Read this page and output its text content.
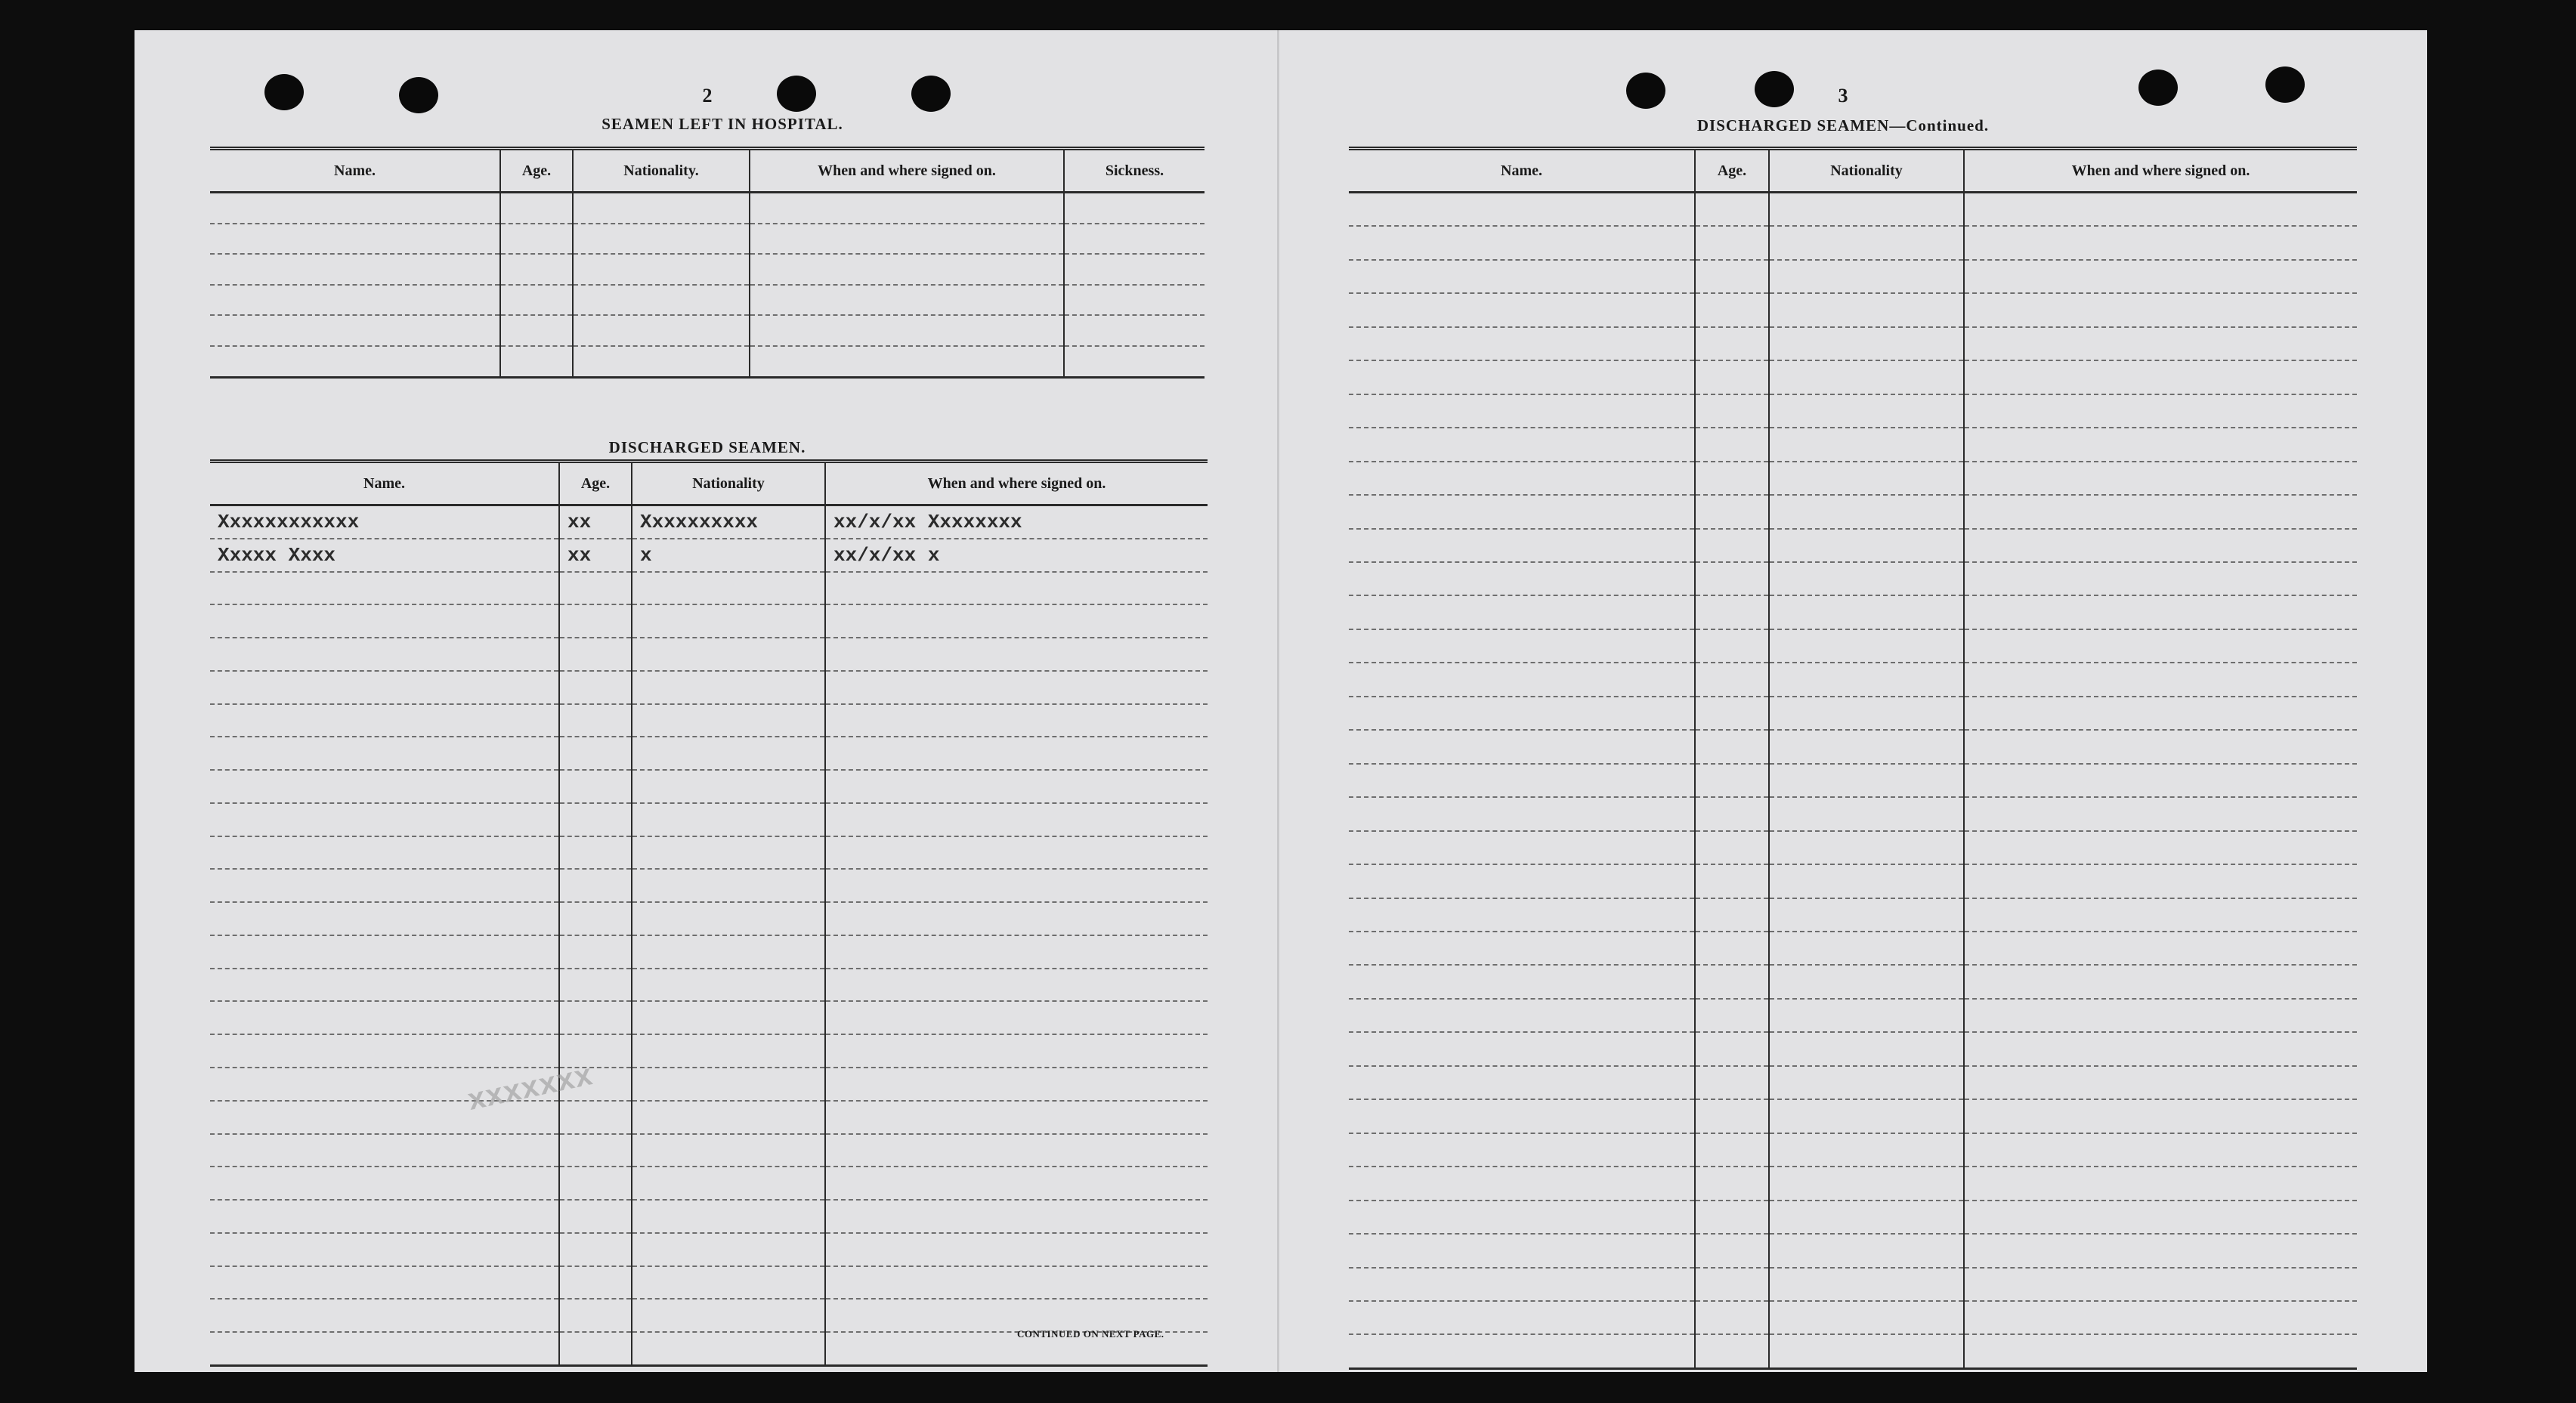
2
SEAMEN LEFT IN HOSPITAL.
Name.	Age.	Nationality.	When and where signed on.	Sickness.

DISCHARGED SEAMEN.
Name.	Age.	Nationality	When and where signed on.
Xxxxxxxxxxxx	xx	Xxxxxxxxxx	xx/x/xx Xxxxxxxx
Xxxxx Xxxx	xx	x	xx/x/xx x

xxxxxxx
CONTINUED ON NEXT PAGE.
3
DISCHARGED SEAMEN—Continued.
Name.	Age.	Nationality	When and where signed on.
